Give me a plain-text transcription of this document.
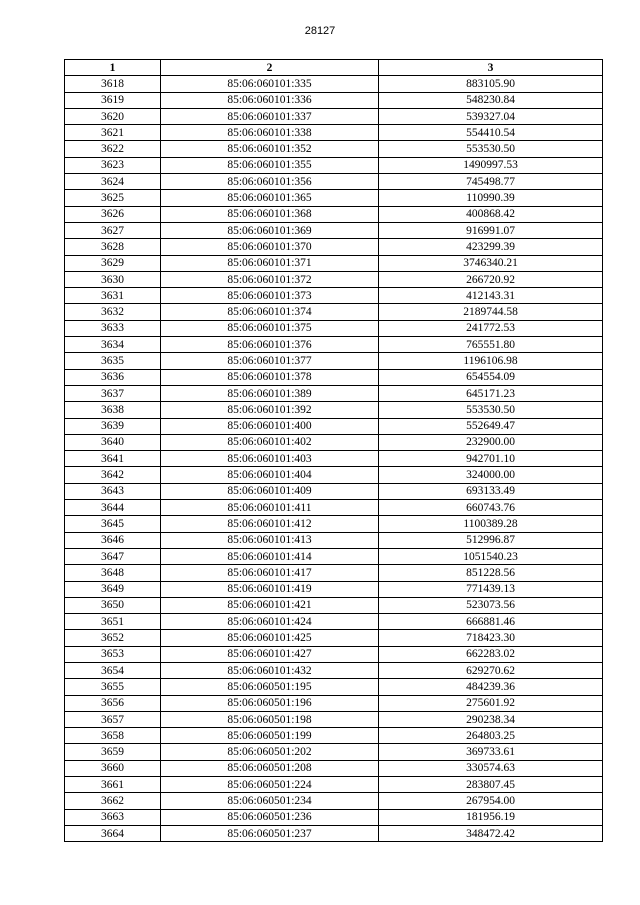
28127
1	2	3
3618	85:06:060101:335	883105.90
3619	85:06:060101:336	548230.84
3620	85:06:060101:337	539327.04
3621	85:06:060101:338	554410.54
3622	85:06:060101:352	553530.50
3623	85:06:060101:355	1490997.53
3624	85:06:060101:356	745498.77
3625	85:06:060101:365	110990.39
3626	85:06:060101:368	400868.42
3627	85:06:060101:369	916991.07
3628	85:06:060101:370	423299.39
3629	85:06:060101:371	3746340.21
3630	85:06:060101:372	266720.92
3631	85:06:060101:373	412143.31
3632	85:06:060101:374	2189744.58
3633	85:06:060101:375	241772.53
3634	85:06:060101:376	765551.80
3635	85:06:060101:377	1196106.98
3636	85:06:060101:378	654554.09
3637	85:06:060101:389	645171.23
3638	85:06:060101:392	553530.50
3639	85:06:060101:400	552649.47
3640	85:06:060101:402	232900.00
3641	85:06:060101:403	942701.10
3642	85:06:060101:404	324000.00
3643	85:06:060101:409	693133.49
3644	85:06:060101:411	660743.76
3645	85:06:060101:412	1100389.28
3646	85:06:060101:413	512996.87
3647	85:06:060101:414	1051540.23
3648	85:06:060101:417	851228.56
3649	85:06:060101:419	771439.13
3650	85:06:060101:421	523073.56
3651	85:06:060101:424	666881.46
3652	85:06:060101:425	718423.30
3653	85:06:060101:427	662283.02
3654	85:06:060101:432	629270.62
3655	85:06:060501:195	484239.36
3656	85:06:060501:196	275601.92
3657	85:06:060501:198	290238.34
3658	85:06:060501:199	264803.25
3659	85:06:060501:202	369733.61
3660	85:06:060501:208	330574.63
3661	85:06:060501:224	283807.45
3662	85:06:060501:234	267954.00
3663	85:06:060501:236	181956.19
3664	85:06:060501:237	348472.42
